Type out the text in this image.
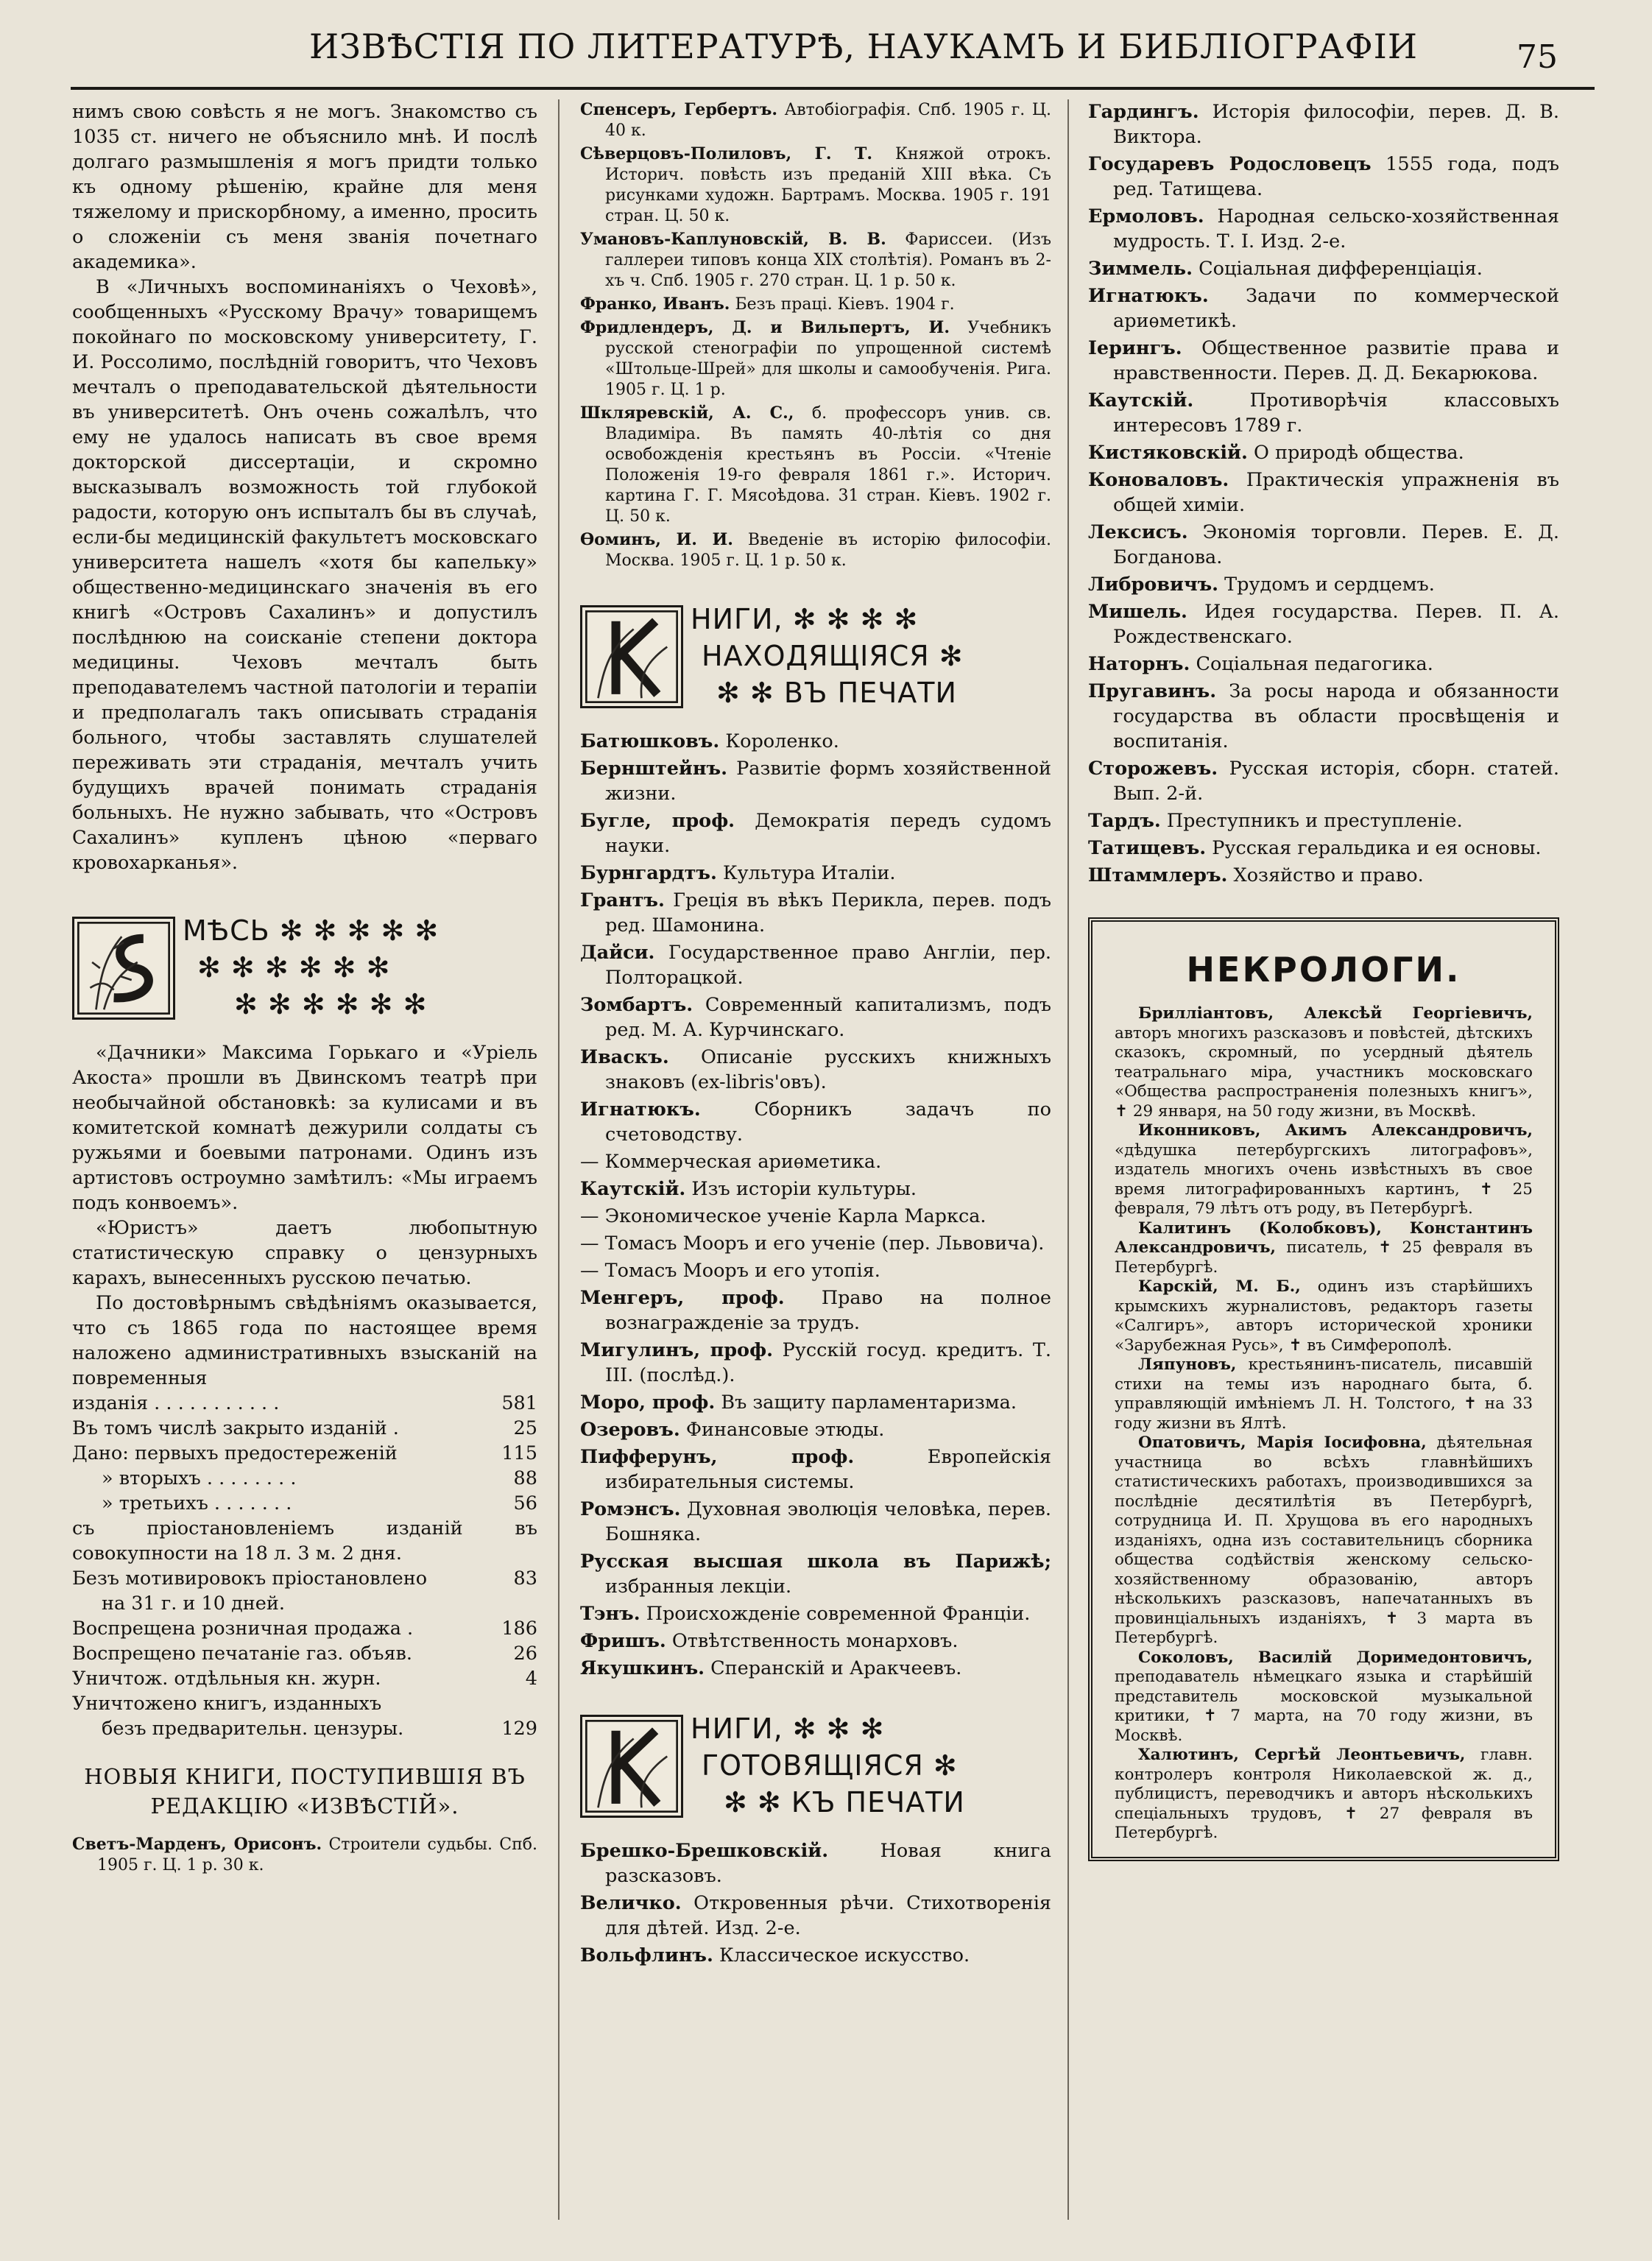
ИЗВѢСТІЯ ПО ЛИТЕРАТУРѢ, НАУКАМЪ И БИБЛІОГРАФІИ	75

нимъ свою совѣсть я не могъ. Знакомство съ 1035 ст. ничего не объяснило мнѣ. И послѣ долгаго размышленія я могъ придти только къ одному рѣшенію, крайне для меня тяжелому и прискорбному, а именно, просить о сложеніи съ меня званія почетнаго академика».

В «Личныхъ воспоминаніяхъ о Чеховѣ», сообщенныхъ «Русскому Врачу» товарищемъ покойнаго по московскому университету, Г. И. Россолимо, послѣдній говоритъ, что Чеховъ мечталъ о преподавательской дѣятельности въ университетѣ. Онъ очень сожалѣлъ, что ему не удалось написать въ свое время докторской диссертаціи, и скромно высказывалъ возможность той глубокой радости, которую онъ испыталъ бы въ случаѣ, если-бы медицинскій факультетъ московскаго университета нашелъ «хотя бы капельку» общественно-медицинскаго значенія въ его книгѣ «Островъ Сахалинъ» и допустилъ послѣднюю на соисканіе степени доктора медицины. Чеховъ мечталъ быть преподавателемъ частной патологіи и терапіи и предполагалъ такъ описывать страданія больного, чтобы заставлять слушателей переживать эти страданія, мечталъ учить будущихъ врачей понимать страданія больныхъ. Не нужно забывать, что «Островъ Сахалинъ» купленъ цѣною «перваго кровохарканья».

МѢСЬ ✻ ✻ ✻ ✻ ✻
✻ ✻ ✻ ✻ ✻ ✻
✻ ✻ ✻ ✻ ✻ ✻

«Дачники» Максима Горькаго и «Уріель Акоста» прошли въ Двинскомъ театрѣ при необычайной обстановкѣ: за кулисами и въ комитетской комнатѣ дежурили солдаты съ ружьями и боевыми патронами. Одинъ изъ артистовъ остроумно замѣтилъ: «Мы играемъ подъ конвоемъ».

«Юристъ» даетъ любопытную статистическую справку о цензурныхъ карахъ, вынесенныхъ русскою печатью.

По достовѣрнымъ свѣдѣніямъ оказывается, что съ 1865 года по настоящее время наложено административныхъ взысканій на повременныя

изданія . . . . . . . . . . .	581
Въ томъ числѣ закрыто изданій .	25
Дано: первыхъ предостереженій	115
» вторыхъ . . . . . . . .	88
» третьихъ . . . . . . .	56

съ пріостановленіемъ изданій въ совокупности на 18 л. 3 м. 2 дня.

Безъ мотивировокъ пріостановлено	83

на 31 г. и 10 дней.

Воспрещена розничная продажа .	186
Воспрещено печатаніе газ. объяв.	26
Уничтож. отдѣльныя кн. журн.	4

Уничтожено книгъ, изданныхъ

безъ предварительн. цензуры.	129
НОВЫЯ КНИГИ, ПОСТУПИВШІЯ ВЪ
РЕДАКЦІЮ «ИЗВѢСТІЙ».

Светъ-Марденъ, Орисонъ. Строители судьбы. Спб. 1905 г. Ц. 1 р. 30 к.

Спенсеръ, Гербертъ. Автобіографія. Спб. 1905 г. Ц. 40 к.

Сѣверцовъ-Полиловъ, Г. Т. Княжой отрокъ. Историч. повѣсть изъ преданій XIII вѣка. Съ рисунками художн. Бартрамъ. Москва. 1905 г. 191 стран. Ц. 50 к.

Умановъ-Каплуновскій, В. В. Фариссеи. (Изъ галлереи типовъ конца XIX столѣтія). Романъ въ 2-хъ ч. Спб. 1905 г. 270 стран. Ц. 1 р. 50 к.

Франко, Иванъ. Безъ працi. Кіевъ. 1904 г.

Фридлендеръ, Д. и Вильпертъ, И. Учебникъ русской стенографіи по упрощенной системѣ «Штольце-Шрей» для школы и самообученія. Рига. 1905 г. Ц. 1 р.

Шкляревскій, А. С., б. профессоръ унив. св. Владиміра. Въ память 40-лѣтія со дня освобожденія крестьянъ въ Россіи. «Чтеніе Положенія 19-го февраля 1861 г.». Историч. картина Г. Г. Мясоѣдова. 31 стран. Кіевъ. 1902 г. Ц. 50 к.

Ѳоминъ, И. И. Введеніе въ исторію философіи. Москва. 1905 г. Ц. 1 р. 50 к.

НИГИ, ✻ ✻ ✻ ✻
НАХОДЯЩІЯСЯ ✻
✻ ✻ ВЪ ПЕЧАТИ

Батюшковъ. Короленко.

Бернштейнъ. Развитіе формъ хозяйственной жизни.

Бугле, проф. Демократія передъ судомъ науки.

Бурнгардтъ. Культура Италіи.

Грантъ. Греція въ вѣкъ Перикла, перев. подъ ред. Шамонина.

Дайси. Государственное право Англіи, пер. Полторацкой.

Зомбартъ. Современный капитализмъ, подъ ред. М. А. Курчинскаго.

Иваскъ. Описаніе русскихъ книжныхъ знаковъ (ex-libris'овъ).

Игнатюкъ.	Сборникъ задачъ по счетоводству.

— Коммерческая ариѳметика.

Каутскій. Изъ исторіи культуры.

— Экономическое ученіе Карла Маркса.

— Томасъ Мооръ и его ученіе (пер. Львовича).

— Томасъ Мооръ и его утопія.

Менгеръ, проф. Право на полное вознагражденіе за трудъ.

Мигулинъ, проф. Русскій госуд. кредитъ. Т. III. (послѣд.).

Моро, проф. Въ защиту парламентаризма.

Озеровъ. Финансовые этюды.

Пифферунъ, проф.	Европейскія избирательныя системы.

Ромэнсъ. Духовная эволюція человѣка, перев. Бошняка.

Русская высшая школа въ Парижѣ; избранныя лекціи.

Тэнъ. Происхожденіе современной Франціи.

Фришъ. Отвѣтственность монарховъ.

Якушкинъ. Сперанскій и Аракчеевъ.

НИГИ, ✻ ✻ ✻
ГОТОВЯЩІЯСЯ ✻
✻ ✻ КЪ ПЕЧАТИ

Брешко-Брешковскій.	Новая книга разсказовъ.

Величко. Откровенныя рѣчи. Стихотворенія для дѣтей. Изд. 2-е.

Вольфлинъ. Классическое искусство.

Гардингъ. Исторія философіи, перев. Д. В. Виктора.

Государевъ Родословецъ 1555 года, подъ ред. Татищева.

Ермоловъ. Народная сельско-хозяйственная мудрость. Т. I. Изд. 2-е.

Зиммель. Соціальная дифференціація.

Игнатюкъ. Задачи по коммерческой ариѳметикѣ.

Іерингъ. Общественное развитіе права и нравственности. Перев. Д. Д. Бекарюкова.

Каутскій.	Противорѣчія классовыхъ интересовъ 1789 г.

Кистяковскій. О природѣ общества.

Коноваловъ. Практическія упражненія въ общей химіи.

Лексисъ. Экономія торговли. Перев. Е. Д. Богданова.

Либровичъ. Трудомъ и сердцемъ.

Мишель. Идея государства. Перев. П. А. Рождественскаго.

Наторнъ. Соціальная педагогика.

Пругавинъ. За росы народа и обязанности государства въ области просвѣщенія и воспитанія.

Сторожевъ. Русская исторія, сборн. статей. Вып. 2-й.

Тардъ. Преступникъ и преступленіе.

Татищевъ. Русская геральдика и ея основы.

Штаммлеръ. Хозяйство и право.

НЕКРОЛОГИ.

Брилліантовъ, Алексѣй Георгіевичъ, авторъ многихъ разсказовъ и повѣстей, дѣтскихъ сказокъ, скромный, по усердный дѣятель театральнаго міра, участникъ московскаго «Общества распространенія полезныхъ книгъ», ✝ 29 января, на 50 году жизни, въ Москвѣ.

Иконниковъ, Акимъ Александровичъ, «дѣдушка петербургскихъ литографовъ», издатель многихъ очень извѣстныхъ въ свое время литографированныхъ картинъ, ✝ 25 февраля, 79 лѣтъ отъ роду, въ Петербургѣ.

Калитинъ (Колобковъ), Константинъ Александровичъ, писатель, ✝ 25 февраля въ Петербургѣ.

Карскій, М. Б., одинъ изъ старѣйшихъ крымскихъ журналистовъ, редакторъ газеты «Салгиръ», авторъ исторической хроники «Зарубежная Русь», ✝ въ Симферополѣ.

Ляпуновъ, крестьянинъ-писатель, писавшій стихи на темы изъ народнаго быта, б. управляющій имѣніемъ Л. Н. Толстого, ✝ на 33 году жизни въ Ялтѣ.

Опатовичъ, Марія Іосифовна, дѣятельная участница во всѣхъ главнѣйшихъ статистическихъ работахъ, производившихся за послѣдніе десятилѣтія въ Петербургѣ, сотрудница И. П. Хрущова въ его народныхъ изданіяхъ, одна изъ составительницъ сборника общества содѣйствія женскому сельско-хозяйственному образованію, авторъ нѣсколькихъ разсказовъ, напечатанныхъ въ провинціальныхъ изданіяхъ, ✝ 3 марта въ Петербургѣ.

Соколовъ, Василій Доримедонтовичъ, преподаватель нѣмецкаго языка и старѣйшій представитель московской музыкальной критики, ✝ 7 марта, на 70 году жизни, въ Москвѣ.

Халютинъ, Сергѣй Леонтьевичъ, главн. контролеръ контроля Николаевской ж. д., публицистъ, переводчикъ и авторъ нѣсколькихъ спеціальныхъ трудовъ, ✝ 27 февраля въ Петербургѣ.
